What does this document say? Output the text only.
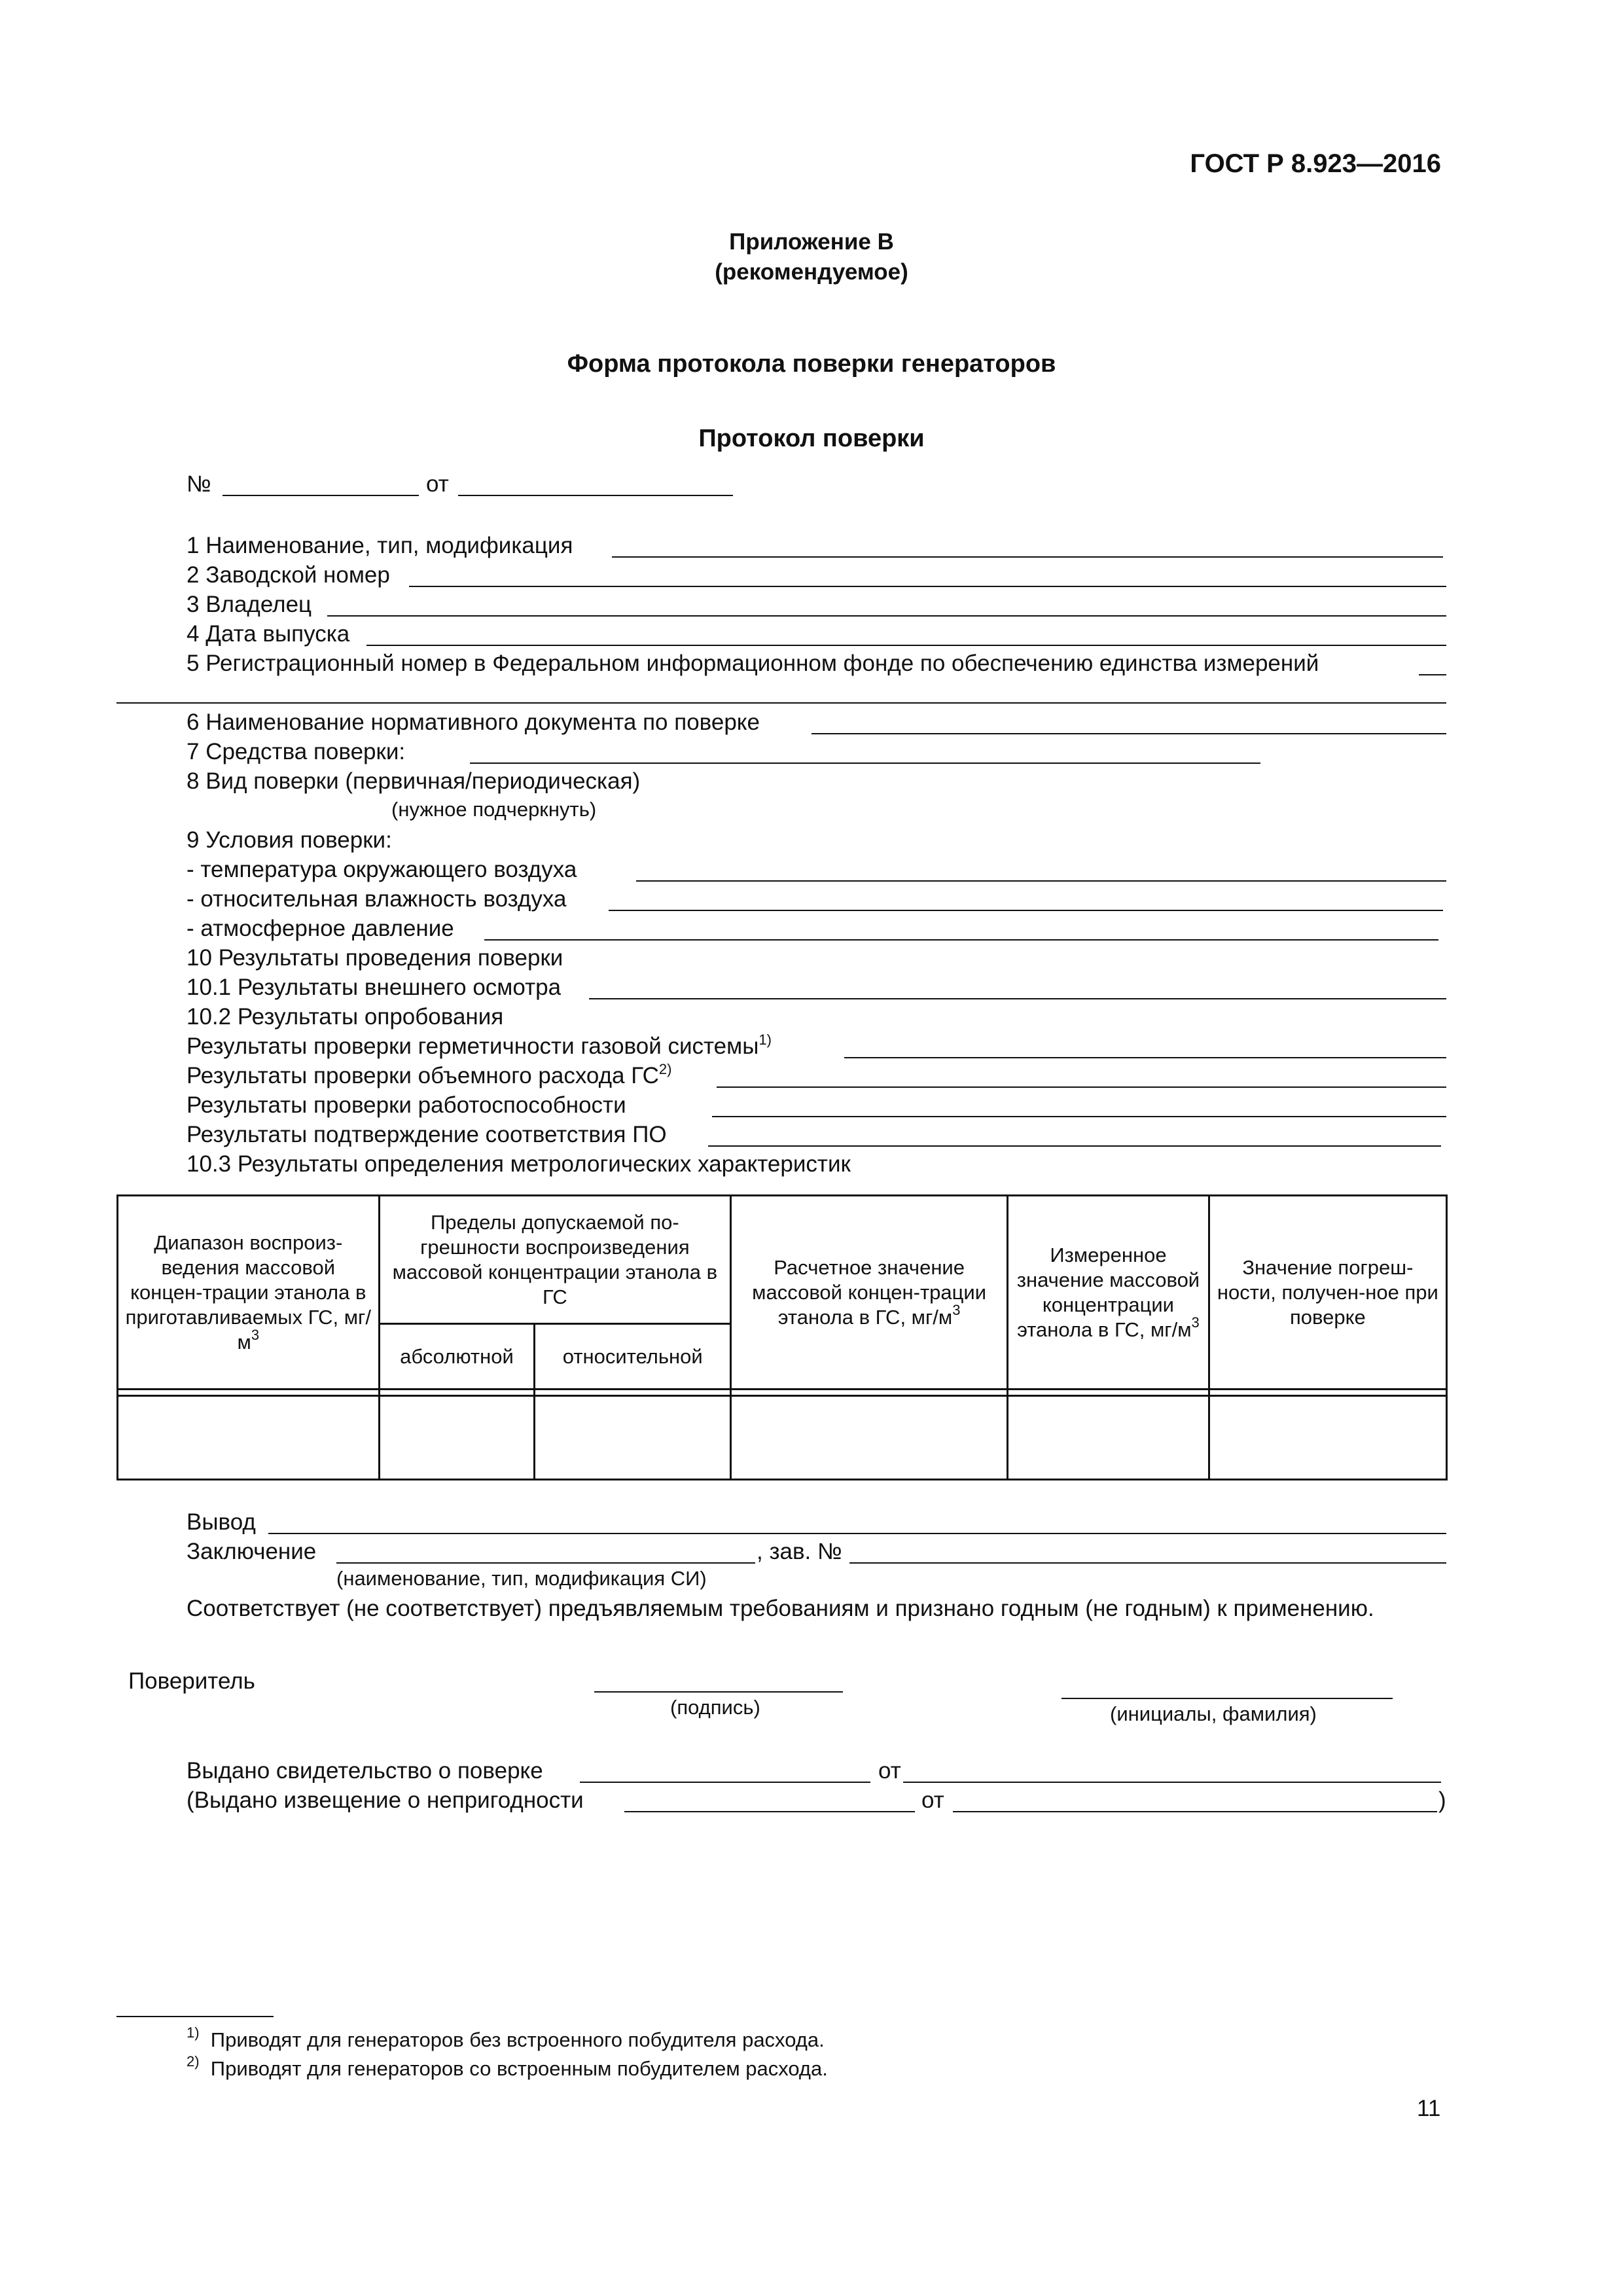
ГОСТ Р 8.923—2016
Приложение В
(рекомендуемое)
Форма протокола поверки генераторов
Протокол поверки
№	от
1 Наименование, тип, модификация
2 Заводской номер
3 Владелец
4 Дата выпуска
5 Регистрационный номер в Федеральном информационном фонде по обеспечению единства измерений
6 Наименование нормативного документа по поверке
7 Средства поверки:
8 Вид поверки (первичная/периодическая)
(нужное подчеркнуть)
9 Условия поверки:
- температура окружающего воздуха
- относительная влажность воздуха
- атмосферное давление
10 Результаты проведения поверки
10.1 Результаты внешнего осмотра
10.2 Результаты опробования
Результаты проверки герметичности газовой системы$^{1)}$
Результаты проверки объемного расхода ГС$^{2)}$
Результаты проверки работоспособности
Результаты подтверждение соответствия ПО
10.3 Результаты определения метрологических характеристик
Диапазон воспроиз-ведения массовой концен-трации этанола в приготавливаемых ГС, $мг/м^3$	Пределы допускаемой по-грешности воспроизведения массовой концентрации этанола в ГС		Расчетное значение массовой концен-трации этанола в ГС, $мг/м^3$	Измеренное значение массовой концентрации этанола в ГС, $мг/м^3$	Значение погреш-ности, получен-ное при поверке
	абсолютной	относительной			

Вывод
Заключение	, зав. №
(наименование, тип, модификация СИ)
Соответствует (не соответствует) предъявляемым требованиям и признано годным (не годным) к применению.
Поверитель
(подпись)	(инициалы, фамилия)
Выдано свидетельство о поверке	от
(Выдано извещение о непригодности	от	)
$^{1)}$ Приводят для генераторов без встроенного побудителя расхода.
$^{2)}$ Приводят для генераторов со встроенным побудителем расхода.
11
